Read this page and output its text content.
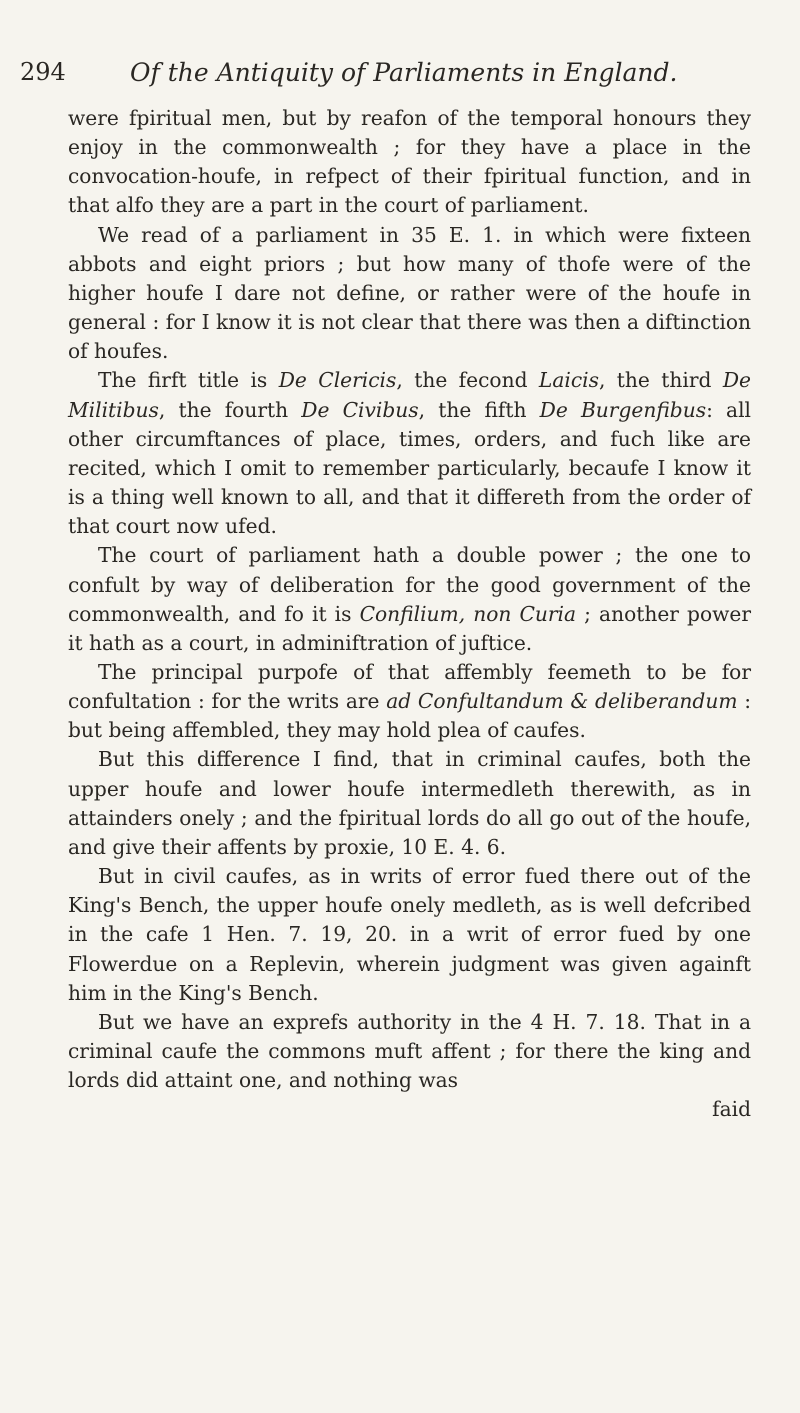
294	Of the Antiquity of Parliaments in England.

were fpiritual men, but by reafon of the temporal honours they enjoy in the commonwealth ; for they have a place in the convocation-houfe, in refpect of their fpiritual function, and in that alfo they are a part in the court of parliament.

We read of a parliament in 35 E. 1. in which were fixteen abbots and eight priors ; but how many of thofe were of the higher houfe I dare not define, or rather were of the houfe in general : for I know it is not clear that there was then a diftinction of houfes.

The firft title is De Clericis, the fecond Laicis, the third De Militibus, the fourth De Civibus, the fifth De Burgenfibus: all other circumftances of place, times, orders, and fuch like are recited, which I omit to remember particularly, becaufe I know it is a thing well known to all, and that it differeth from the order of that court now ufed.

The court of parliament hath a double power ; the one to confult by way of deliberation for the good government of the commonwealth, and fo it is Confilium, non Curia ; another power it hath as a court, in adminiftration of juftice.

The principal purpofe of that affembly feemeth to be for confultation : for the writs are ad Confultandum & deliberandum : but being affembled, they may hold plea of caufes.

But this difference I find, that in criminal caufes, both the upper houfe and lower houfe intermedleth therewith, as in attainders onely ; and the fpiritual lords do all go out of the houfe, and give their affents by proxie, 10 E. 4. 6.

But in civil caufes, as in writs of error fued there out of the King's Bench, the upper houfe onely medleth, as is well defcribed in the cafe 1 Hen. 7. 19, 20. in a writ of error fued by one Flowerdue on a Replevin, wherein judgment was given againft him in the King's Bench.

But we have an exprefs authority in the 4 H. 7. 18. That in a criminal caufe the commons muft affent ; for there the king and lords did attaint one, and nothing was

faid
